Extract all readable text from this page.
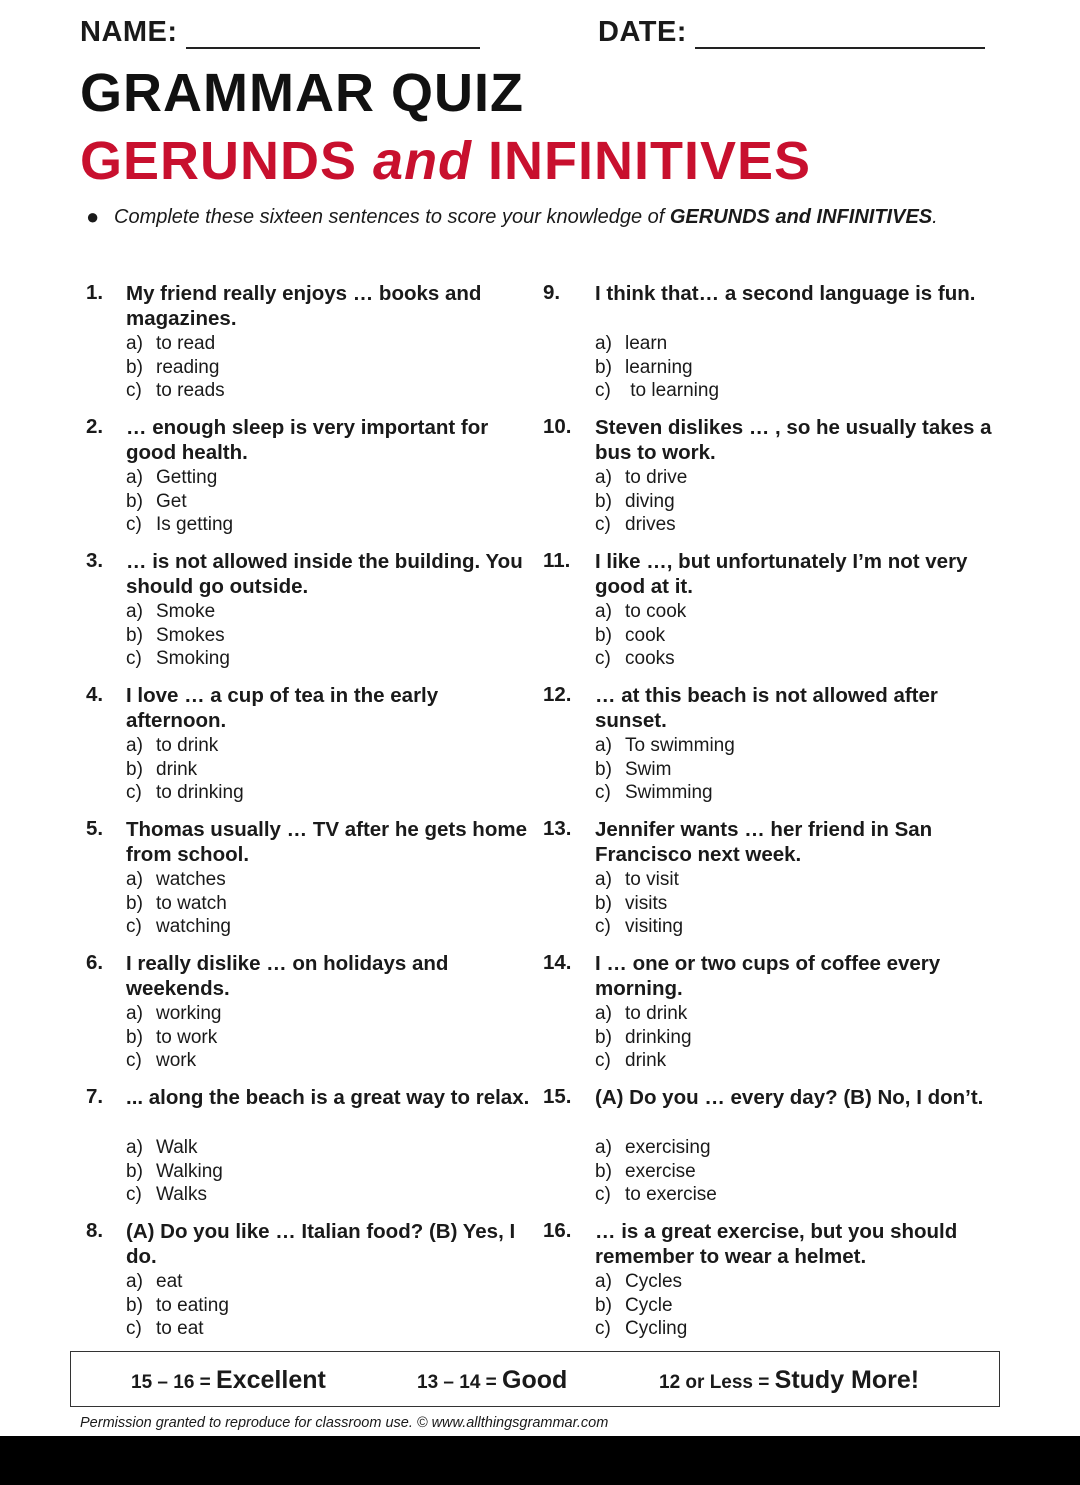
NAME:	DATE:
GRAMMAR QUIZ
GERUNDS and INFINITIVES
● Complete these sixteen sentences to score your knowledge of GERUNDS and INFINITIVES.
1. My friend really enjoys … books and magazines.
a) to read
b) reading
c) to reads
2. … enough sleep is very important for good health.
a) Getting
b) Get
c) Is getting
3. … is not allowed inside the building. You should go outside.
a) Smoke
b) Smokes
c) Smoking
4. I love … a cup of tea in the early afternoon.
a) to drink
b) drink
c) to drinking
5. Thomas usually … TV after he gets home from school.
a) watches
b) to watch
c) watching
6. I really dislike … on holidays and weekends.
a) working
b) to work
c) work
7. ... along the beach is a great way to relax.
a) Walk
b) Walking
c) Walks
8. (A) Do you like … Italian food? (B) Yes, I do.
a) eat
b) to eating
c) to eat
9. I think that… a second language is fun.
a) learn
b) learning
c) to learning
10. Steven dislikes … , so he usually takes a bus to work.
a) to drive
b) diving
c) drives
11. I like …, but unfortunately I’m not very good at it.
a) to cook
b) cook
c) cooks
12. … at this beach is not allowed after sunset.
a) To swimming
b) Swim
c) Swimming
13. Jennifer wants … her friend in San Francisco next week.
a) to visit
b) visits
c) visiting
14. I … one or two cups of coffee every morning.
a) to drink
b) drinking
c) drink
15. (A) Do you … every day? (B) No, I don’t.
a) exercising
b) exercise
c) to exercise
16. … is a great exercise, but you should remember to wear a helmet.
a) Cycles
b) Cycle
c) Cycling
15 – 16 = Excellent	13 – 14 = Good	12 or Less = Study More!
Permission granted to reproduce for classroom use. © www.allthingsgrammar.com
